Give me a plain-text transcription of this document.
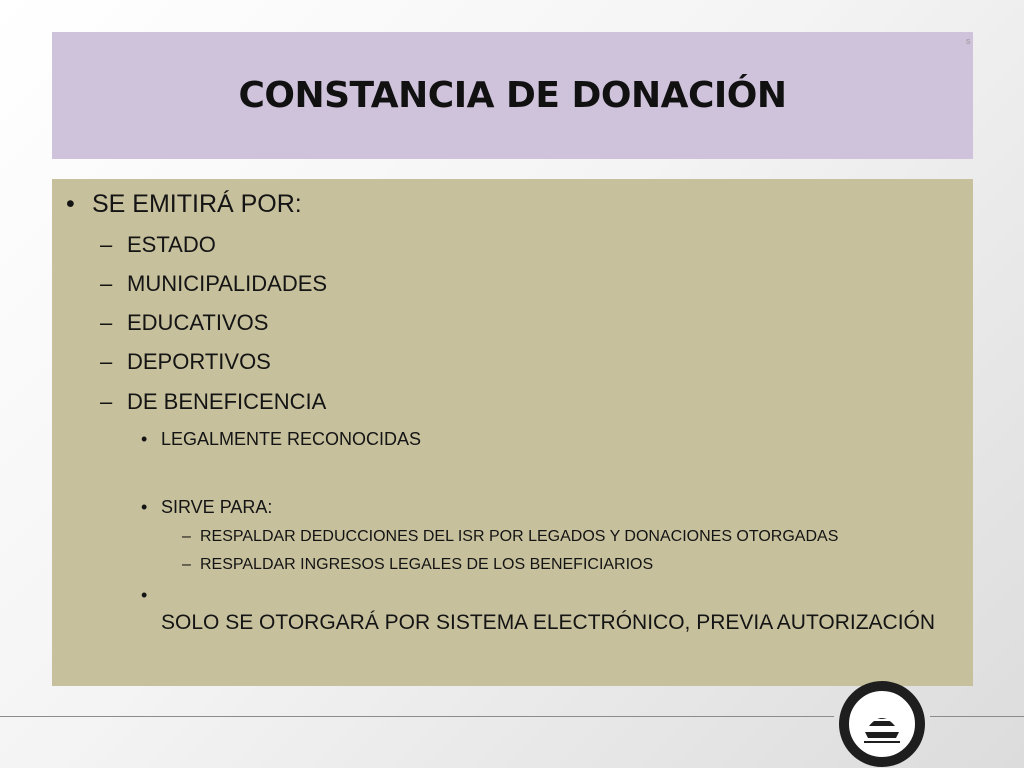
CONSTANCIA DE DONACIÓN
s
• SE EMITIRÁ POR:
– ESTADO
– MUNICIPALIDADES
– EDUCATIVOS
– DEPORTIVOS
– DE BENEFICENCIA
• LEGALMENTE RECONOCIDAS
• SIRVE PARA:
– RESPALDAR DEDUCCIONES DEL ISR POR LEGADOS Y DONACIONES OTORGADAS
– RESPALDAR INGRESOS LEGALES DE LOS BENEFICIARIOS
•
SOLO SE OTORGARÁ POR SISTEMA ELECTRÓNICO, PREVIA AUTORIZACIÓN
